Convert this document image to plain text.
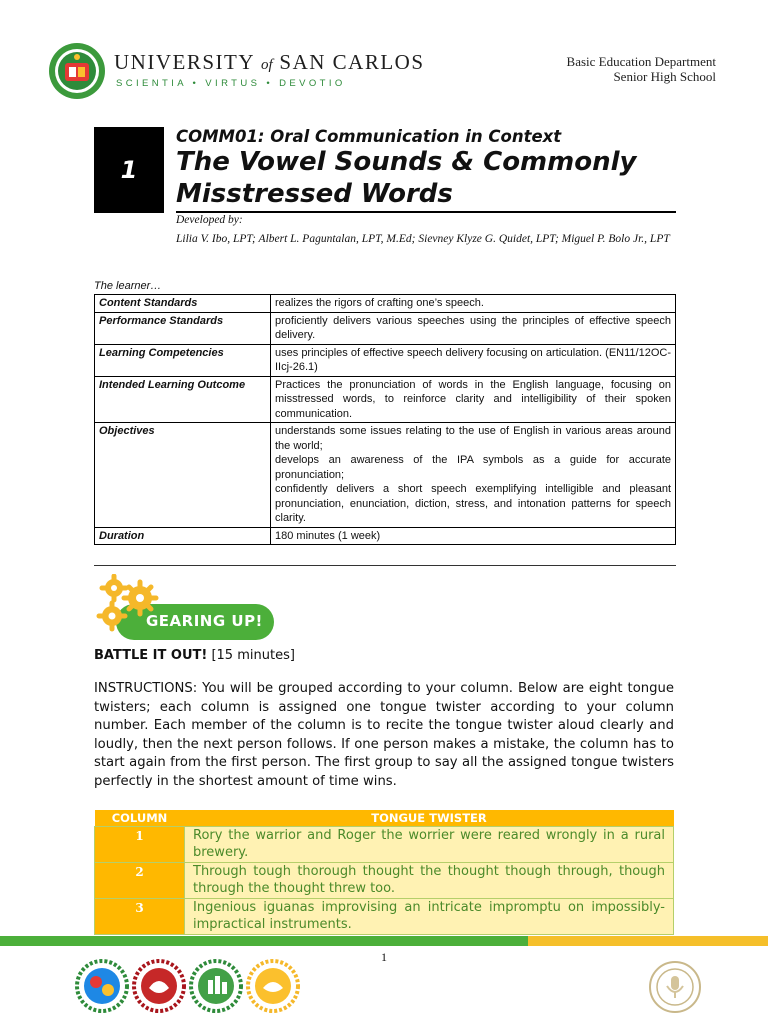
UNIVERSITY of SAN CARLOS
SCIENTIA • VIRTUS • DEVOTIO
Basic Education Department
Senior High School
1
COMM01: Oral Communication in Context
The Vowel Sounds & Commonly Misstressed Words
Developed by:
Lilia V. Ibo, LPT; Albert L. Paguntalan, LPT, M.Ed; Sievney Klyze G. Quidet, LPT; Miguel P. Bolo Jr., LPT
The learner…
Content Standards	realizes the rigors of crafting one’s speech.
Performance Standards	proficiently delivers various speeches using the principles of effective speech delivery.
Learning Competencies	uses principles of effective speech delivery focusing on articulation. (EN11/12OC-IIcj-26.1)
Intended Learning Outcome	Practices the pronunciation of words in the English language, focusing on misstressed words, to reinforce clarity and intelligibility of their spoken communication.
Objectives	understands some issues relating to the use of English in various areas around the world;
develops an awareness of the IPA symbols as a guide for accurate pronunciation;
confidently delivers a short speech exemplifying intelligible and pleasant pronunciation, enunciation, diction, stress, and intonation patterns for speech clarity.

Duration	180 minutes (1 week)
GEARING UP!
BATTLE IT OUT! [15 minutes]
INSTRUCTIONS: You will be grouped according to your column. Below are eight tongue twisters; each column is assigned one tongue twister according to your column number. Each member of the column is to recite the tongue twister aloud clearly and loudly, then the next person follows. If one person makes a mistake, the column has to start again from the first person. The first group to say all the assigned tongue twisters perfectly in the shortest amount of time wins.
COLUMN	TONGUE TWISTER
1	Rory the warrior and Roger the worrier were reared wrongly in a rural brewery.
2	Through tough thorough thought the thought though through, though through the thought threw too.
3	Ingenious iguanas improvising an intricate impromptu on impossibly-impractical instruments.
1
